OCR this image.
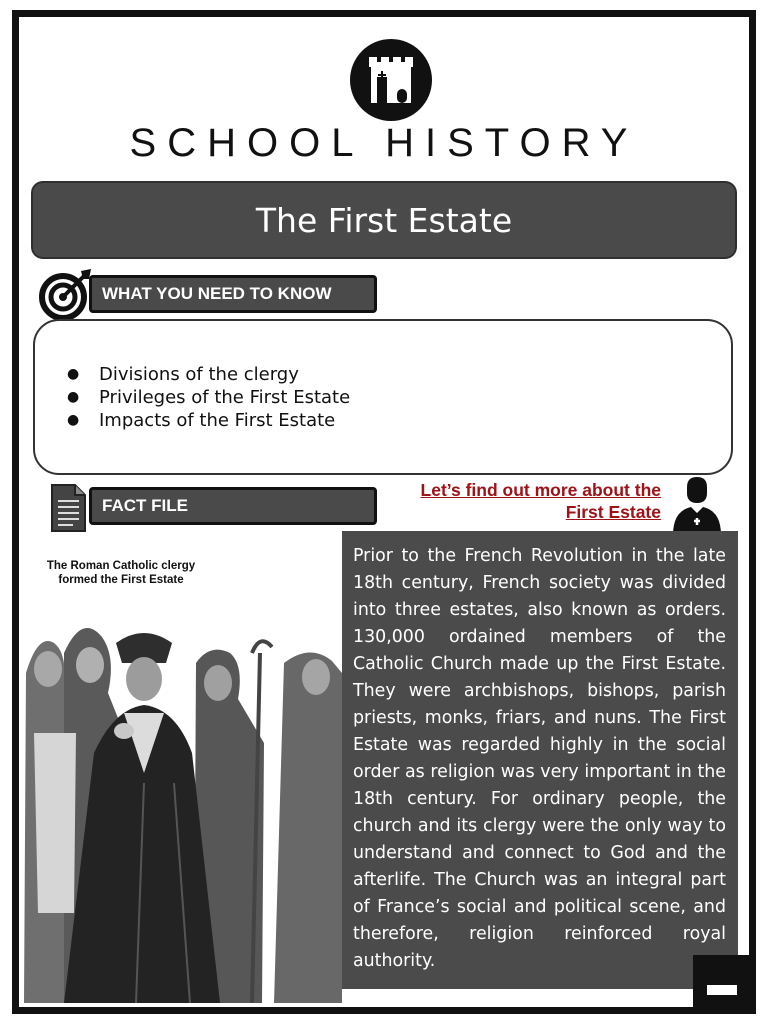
SCHOOL HISTORY
The First Estate
WHAT YOU NEED TO KNOW
● Divisions of the clergy
● Privileges of the First Estate
● Impacts of the First Estate
FACT FILE
Let’s find out more about the
First Estate
The Roman Catholic clergy
formed the First Estate

Prior to the French Revolution in the late 18th century, French society was divided into three estates, also known as orders. 130,000 ordained members of the Catholic Church made up the First Estate. They were archbishops, bishops, parish priests, monks, friars, and nuns. The First Estate was regarded highly in the social order as religion was very important in the 18th century. For ordinary people, the church and its clergy were the only way to understand and connect to God and the afterlife. The Church was an integral part of France’s social and political scene, and therefore, religion reinforced royal authority.
